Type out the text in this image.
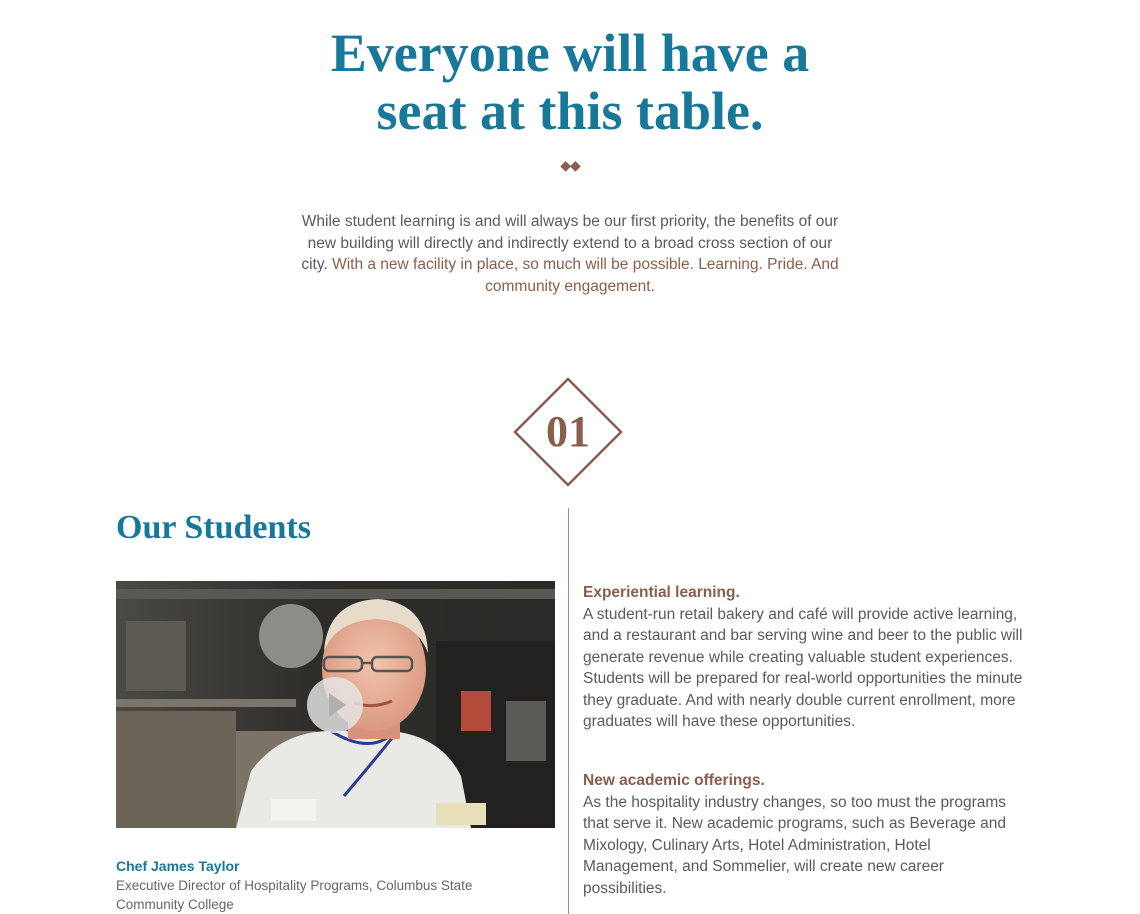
Everyone will have a
seat at this table.
◆◆

While student learning is and will always be our first priority, the benefits of our new building will directly and indirectly extend to a broad cross section of our city. With a new facility in place, so much will be possible. Learning. Pride. And community engagement.

01
Our Students
Chef James Taylor
Executive Director of Hospitality Programs, Columbus State Community College
Experiential learning.
A student-run retail bakery and café will provide active learning, and a restaurant and bar serving wine and beer to the public will generate revenue while creating valuable student experiences. Students will be prepared for real-world opportunities the minute they graduate. And with nearly double current enrollment, more graduates will have these opportunities.
New academic offerings.
As the hospitality industry changes, so too must the programs that serve it. New academic programs, such as Beverage and Mixology, Culinary Arts, Hotel Administration, Hotel Management, and Sommelier, will create new career possibilities.
